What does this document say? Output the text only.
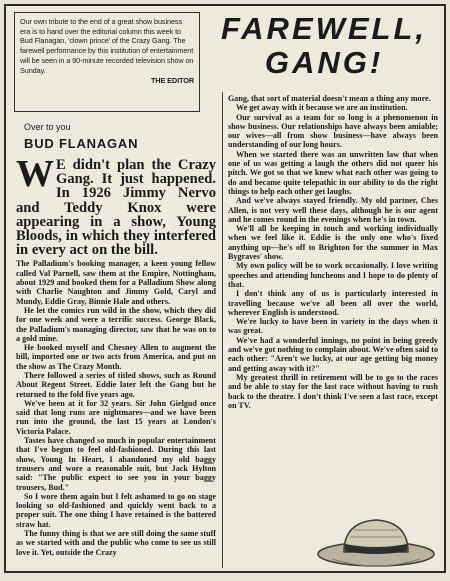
Our own tribute to the end of a great show business era is to hand over the editorial column this week to Bud Flanagan, 'clown prince' of the Crazy Gang. The farewell performance by this institution of entertainment will be seen in a 90-minute recorded television show on Sunday.
THE EDITOR
FAREWELL,
GANG!
Over to you
BUD FLANAGAN
W E didn't plan the Crazy Gang. It just happened. In 1926 Jimmy Nervo and Teddy Knox were appearing in a show, Young Bloods, in which they interfered in every act on the bill.

The Palladium's booking manager, a keen young fellow called Val Parnell, saw them at the Empire, Nottingham, about 1929 and booked them for a Palladium Show along with Charlie Naughton and Jimmy Gold, Caryl and Mundy, Eddie Gray, Binnie Hale and others.

He let the comics run wild in the show, which they did for one week and were a terrific success. George Black, the Palladium's managing director, saw that he was on to a gold mine.

He booked myself and Chesney Allen to augment the bill, imported one or two acts from America, and put on the show as The Crazy Month.

There followed a series of titled shows, such as Round About Regent Street. Eddie later left the Gang but he returned to the fold five years ago.

We've been at it for 32 years. Sir John Gielgud once said that long runs are nightmares—and we have been run into the ground, the last 15 years at London's Victoria Palace.

Tastes have changed so much in popular entertainment that I've begun to feel old-fashioned. During this last show, Young In Heart, I abandoned my old baggy trousers and wore a reasonable suit, but Jack Hylton said: "The public expect to see you in your baggy trousers, Bud."

So I wore them again but I felt ashamed to go on stage looking so old-fashioned and quickly went back to a proper suit. The one thing I have retained is the battered straw hat.

The funny thing is that we are still doing the same stuff as we started with and the public who come to see us still love it. Yet, outside the Crazy

Gang, that sort of material doesn't mean a thing any more.

We get away with it because we are an institution.

Our survival as a team for so long is a phenomenon in show business. Our relationships have always been amiable; our wives—all from show business—have always been understanding of our long hours.

When we started there was an unwritten law that when one of us was getting a laugh the others did not queer his pitch. We got so that we knew what each other was going to do and became quite telepathic in our ability to do the right things to help each other get laughs.

And we've always stayed friendly. My old partner, Ches Allen, is not very well these days, although he is our agent and he comes round in the evenings when he's in town.

We'll all be keeping in touch and working individually when we feel like it. Eddie is the only one who's fixed anything up—he's off to Brighton for the summer in Max Bygraves' show.

My own policy will be to work occasionally. I love writing speeches and attending luncheons and I hope to do plenty of that.

I don't think any of us is particularly interested in travelling because we've all been all over the world, wherever English is understood.

We're lucky to have been in variety in the days when it was great.

We've had a wonderful innings, no point in being greedy and we've got nothing to complain about. We've often said to each other: "Aren't we lucky, at our age getting big money and getting away with it?"

My greatest thrill in retirement will be to go to the races and be able to stay for the last race without having to rush back to the theatre. I don't think I've seen a last race, except on TV.
